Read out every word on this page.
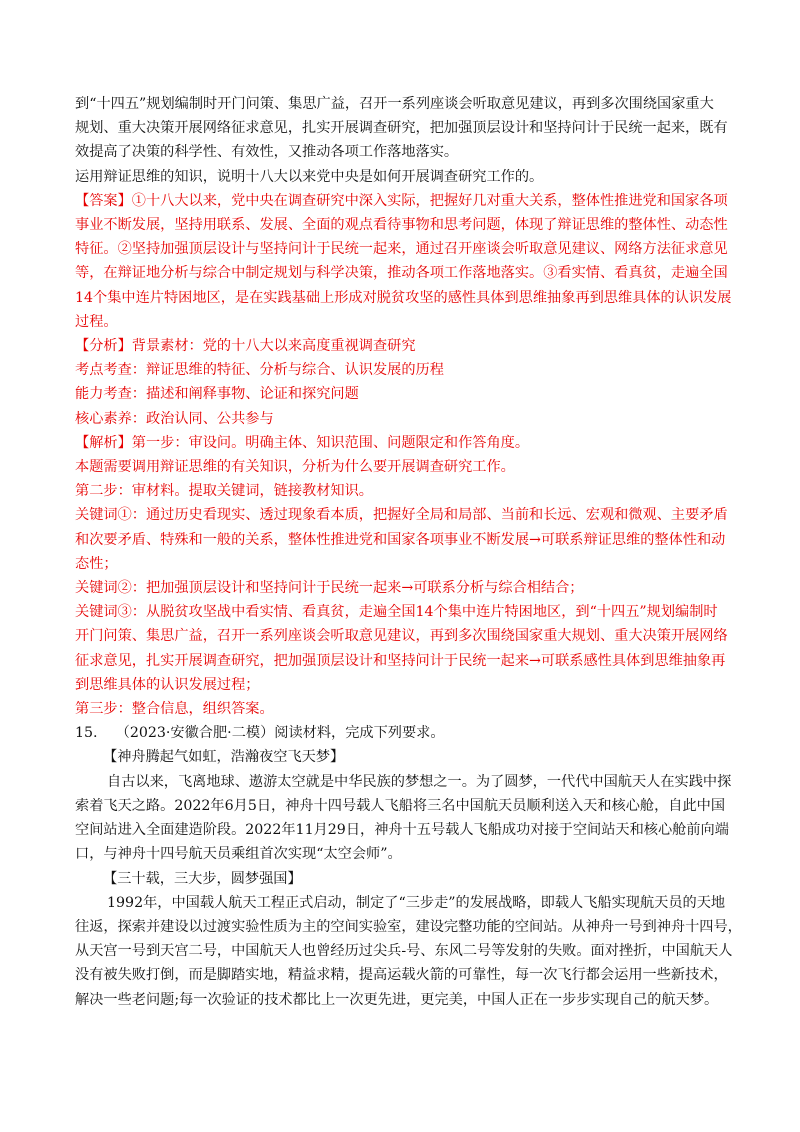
到“十四五”规划编制时开门问策、集思广益，召开一系列座谈会听取意见建议，再到多次围绕国家重大
规划、重大决策开展网络征求意见，扎实开展调查研究，把加强顶层设计和坚持问计于民统一起来，既有
效提高了决策的科学性、有效性，又推动各项工作落地落实。
运用辩证思维的知识，说明十八大以来党中央是如何开展调查研究工作的。
【答案】①十八大以来，党中央在调查研究中深入实际，把握好几对重大关系，整体性推进党和国家各项
事业不断发展，坚持用联系、发展、全面的观点看待事物和思考问题，体现了辩证思维的整体性、动态性
特征。②坚持加强顶层设计与坚持问计于民统一起来，通过召开座谈会听取意见建议、网络方法征求意见
等，在辩证地分析与综合中制定规划与科学决策，推动各项工作落地落实。③看实情、看真贫，走遍全国
14个集中连片特困地区，是在实践基础上形成对脱贫攻坚的感性具体到思维抽象再到思维具体的认识发展
过程。
【分析】背景素材：党的十八大以来高度重视调查研究
考点考查：辩证思维的特征、分析与综合、认识发展的历程
能力考查：描述和阐释事物、论证和探究问题
核心素养：政治认同、公共参与
【解析】第一步：审设问。明确主体、知识范围、问题限定和作答角度。
本题需要调用辩证思维的有关知识，分析为什么要开展调查研究工作。
第二步：审材料。提取关键词，链接教材知识。
关键词①：通过历史看现实、透过现象看本质，把握好全局和局部、当前和长远、宏观和微观、主要矛盾
和次要矛盾、特殊和一般的关系，整体性推进党和国家各项事业不断发展→可联系辩证思维的整体性和动
态性；
关键词②：把加强顶层设计和坚持问计于民统一起来→可联系分析与综合相结合；
关键词③：从脱贫攻坚战中看实情、看真贫，走遍全国14个集中连片特困地区，到“十四五”规划编制时
开门问策、集思广益，召开一系列座谈会听取意见建议，再到多次围绕国家重大规划、重大决策开展网络
征求意见，扎实开展调查研究，把加强顶层设计和坚持问计于民统一起来→可联系感性具体到思维抽象再
到思维具体的认识发展过程；
第三步：整合信息，组织答案。
15. （2023·安徽合肥·二模）阅读材料，完成下列要求。
【神舟腾起气如虹，浩瀚夜空飞天梦】
自古以来，飞离地球、遨游太空就是中华民族的梦想之一。为了圆梦，一代代中国航天人在实践中探
索着飞天之路。2022年6月5日，神舟十四号载人飞船将三名中国航天员顺利送入天和核心舱，自此中国
空间站进入全面建造阶段。2022年11月29日，神舟十五号载人飞船成功对接于空间站天和核心舱前向端
口，与神舟十四号航天员乘组首次实现“太空会师”。
【三十载，三大步，圆梦强国】
1992年，中国载人航天工程正式启动，制定了“三步走”的发展战略，即载人飞船实现航天员的天地
往返，探索并建设以过渡实验性质为主的空间实验室，建设完整功能的空间站。从神舟一号到神舟十四号，
从天宫一号到天宫二号，中国航天人也曾经历过尖兵-号、东风二号等发射的失败。面对挫折，中国航天人
没有被失败打倒，而是脚踏实地，精益求精，提高运载火箭的可靠性，每一次飞行都会运用一些新技术，
解决一些老问题;每一次验证的技术都比上一次更先进，更完美，中国人正在一步步实现自己的航天梦。
